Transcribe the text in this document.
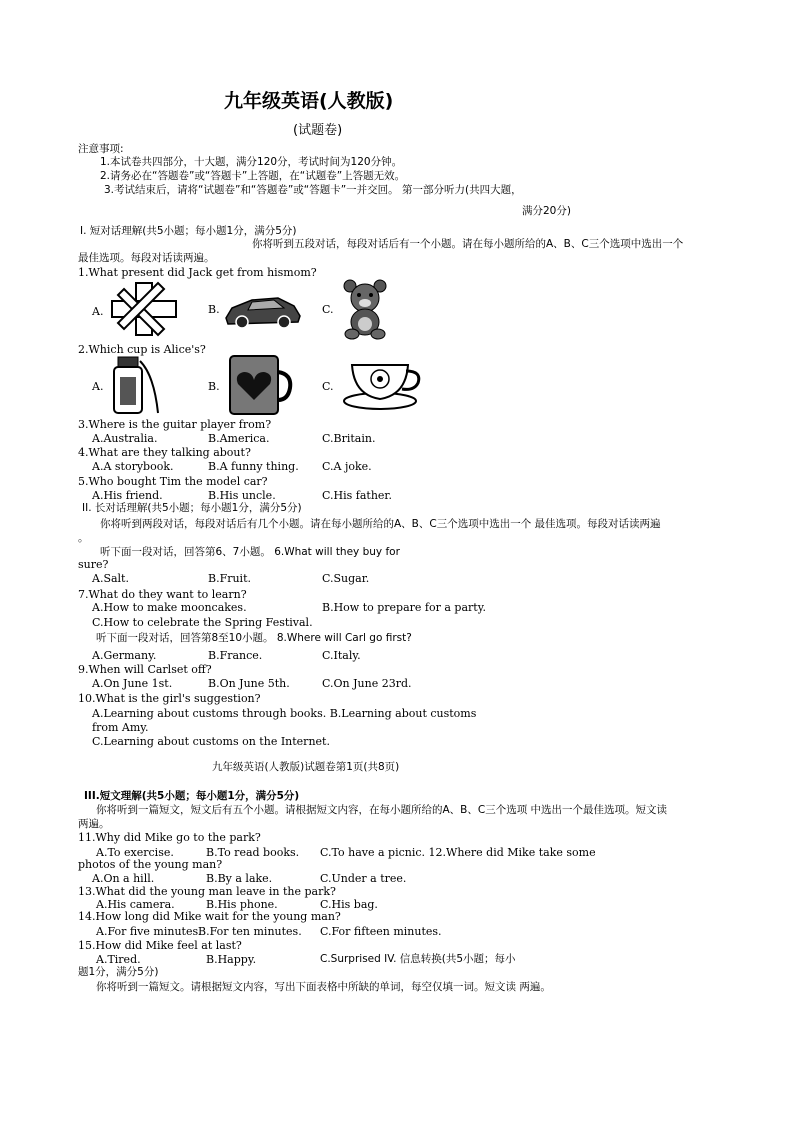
九年级英语(人教版)
(试题卷)
注意事项:
1.本试卷共四部分，十大题，满分120分，考试时间为120分钟。
2.请务必在“答题卷”或“答题卡”上答题，在“试题卷”上答题无效。
3.考试结束后，请将“试题卷”和“答题卷”或“答题卡”一并交回。 第一部分听力(共四大题，
满分20分)
I. 短对话理解(共5小题；每小题1分，满分5分)
你将听到五段对话，每段对话后有一个小题。请在每小题所给的A、B、C三个选项中选出一个
最佳选项。每段对话读两遍。
1.What present did Jack get from hismom?
A.	B.	C.
2.Which cup is Alice's?
A.	B.	C.
3.Where is the guitar player from?
A.Australia.	B.America.	C.Britain.
4.What are they talking about?
A.A storybook.	B.A funny thing. C.A joke.
5.Who bought Tim the model car?
A.His friend.	B.His uncle.	C.His father.
II. 长对话理解(共5小题；每小题1分，满分5分)
你将听到两段对话，每段对话后有几个小题。请在每小题所给的A、B、C三个选项中选出一个 最佳选项。每段对话读两遍
。
听下面一段对话，回答第6、7小题。 6.What will they buy for
sure?
A.Salt.	B.Fruit.	C.Sugar.
7.What do they want to learn?
A.How to make mooncakes.	B.How to prepare for a party.
C.How to celebrate the Spring Festival.
听下面一段对话，回答第8至10小题。 8.Where will Carl go first?
A.Germany.	B.France.	C.Italy.
9.When will Carlset off?
A.On June 1st.	B.On June 5th.	C.On June 23rd.
10.What is the girl's suggestion?
A.Learning about customs through books. B.Learning about customs
from Amy.
C.Learning about customs on the Internet.
九年级英语(人教版)试题卷第1页(共8页)
III.短文理解(共5小题；每小题1分，满分5分)
你将听到一篇短文，短文后有五个小题。请根据短文内容，在每小题所给的A、B、C三个选项 中选出一个最佳选项。短文读
两遍。
11.Why did Mike go to the park?
A.To exercise.	B.To read books. C.To have a picnic. 12.Where did Mike take some
photos of the young man?
A.On a hill.	B.By a lake.	C.Under a tree.
13.What did the young man leave in the park?
A.His camera.	B.His phone.	C.His bag.
14.How long did Mike wait for the young man?
A.For five minutes.
B.For ten minutes. C.For fifteen minutes.
15.How did Mike feel at last?
A.Tired.	B.Happy.	C.Surprised IV. 信息转换(共5小题；每小
题1分，满分5分)
你将听到一篇短文。请根据短文内容，写出下面表格中所缺的单词，每空仅填一词。短文读 两遍。
